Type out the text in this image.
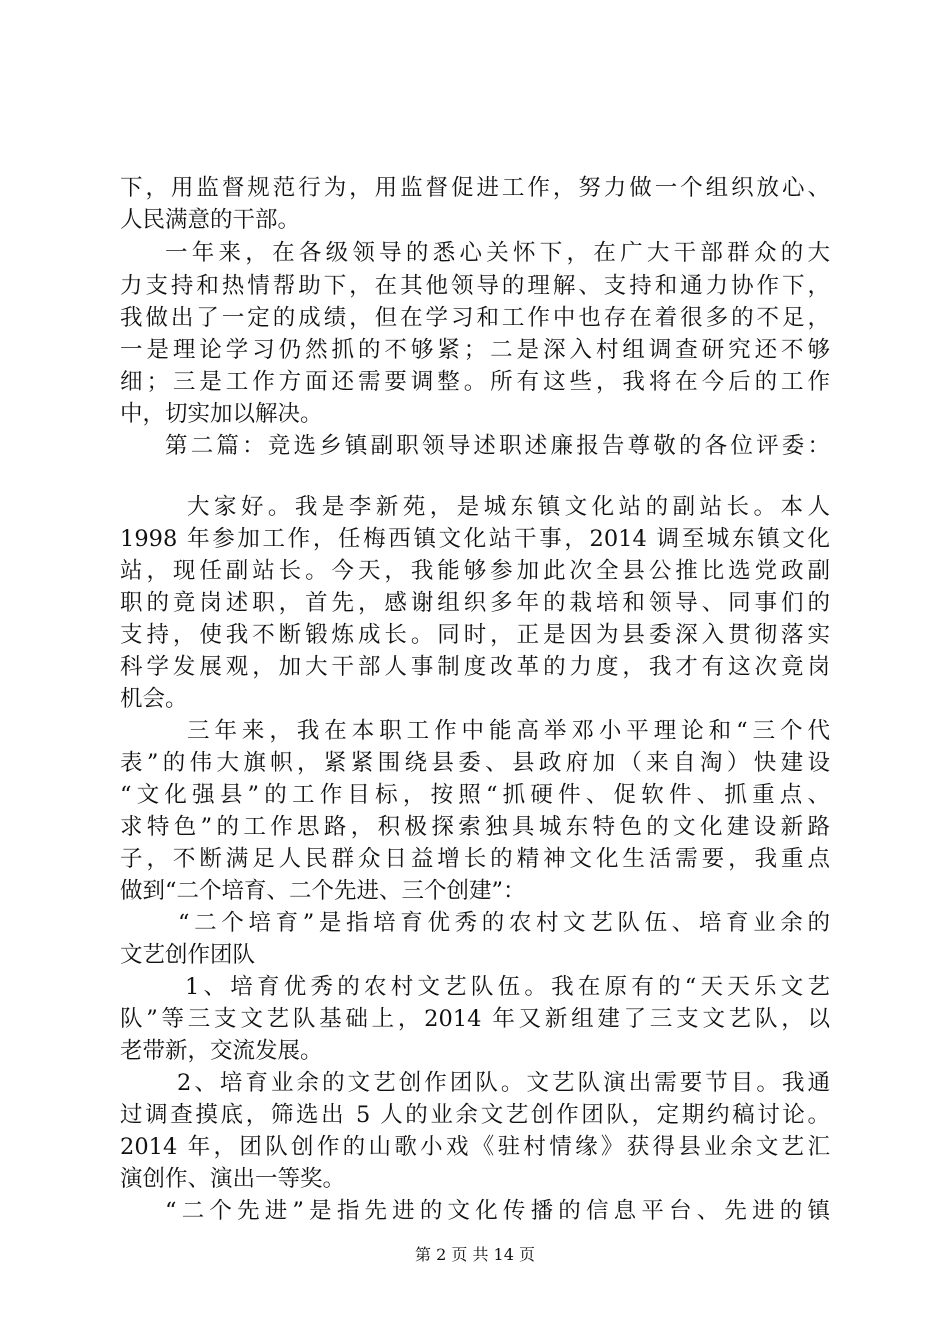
下，用监督规范行为，用监督促进工作，努力做一个组织放心、
人民满意的干部。
一年来，在各级领导的悉心关怀下，在广大干部群众的大
力支持和热情帮助下，在其他领导的理解、支持和通力协作下，
我做出了一定的成绩，但在学习和工作中也存在着很多的不足，
一是理论学习仍然抓的不够紧；二是深入村组调查研究还不够
细；三是工作方面还需要调整。所有这些，我将在今后的工作
中，切实加以解决。
第二篇：竞选乡镇副职领导述职述廉报告尊敬的各位评委：
大家好。我是李新苑，是城东镇文化站的副站长。本人
1998 年参加工作，任梅西镇文化站干事，2014 调至城东镇文化
站，现任副站长。今天，我能够参加此次全县公推比选党政副
职的竟岗述职，首先，感谢组织多年的栽培和领导、同事们的
支持，使我不断锻炼成长。同时，正是因为县委深入贯彻落实
科学发展观，加大干部人事制度改革的力度，我才有这次竟岗
机会。
三年来，我在本职工作中能高举邓小平理论和“三个代
表”的伟大旗帜，紧紧围绕县委、县政府加（来自淘）快建设
“文化强县”的工作目标，按照“抓硬件、促软件、抓重点、
求特色”的工作思路，积极探索独具城东特色的文化建设新路
子，不断满足人民群众日益增长的精神文化生活需要，我重点
做到“二个培育、二个先进、三个创建”：
“二个培育”是指培育优秀的农村文艺队伍、培育业余的
文艺创作团队
1、培育优秀的农村文艺队伍。我在原有的“天天乐文艺
队”等三支文艺队基础上，2014 年又新组建了三支文艺队，以
老带新，交流发展。
2、培育业余的文艺创作团队。文艺队演出需要节目。我通
过调查摸底，筛选出 5 人的业余文艺创作团队，定期约稿讨论。
2014 年，团队创作的山歌小戏《驻村情缘》获得县业余文艺汇
演创作、演出一等奖。
“二个先进”是指先进的文化传播的信息平台、先进的镇
第 2 页 共 14 页
